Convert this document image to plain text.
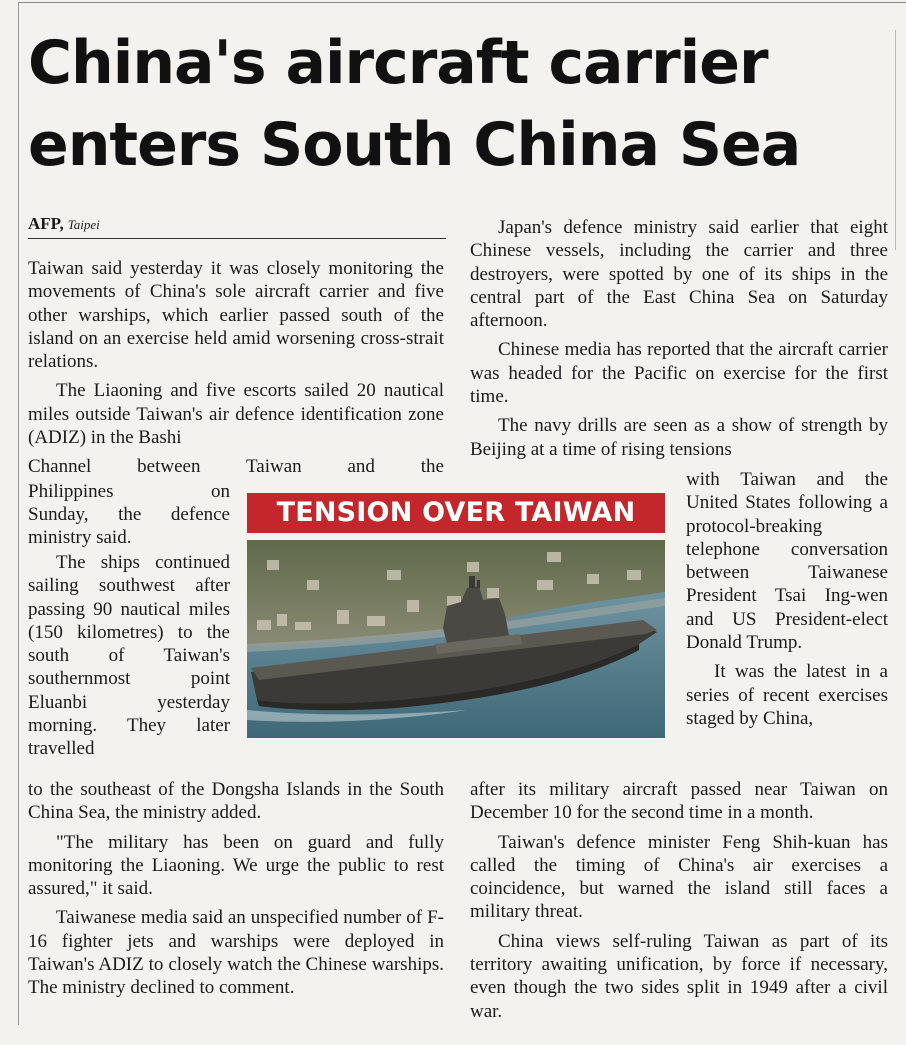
China's aircraft carrier enters South China Sea
AFP, Taipei

Taiwan said yesterday it was closely monitoring the movements of China's sole aircraft carrier and five other warships, which earlier passed south of the island on an exercise held amid worsening cross-strait relations.

The Liaoning and five escorts sailed 20 nautical miles outside Taiwan's air defence identification zone (ADIZ) in the Bashi

Channel between Taiwan and the
Philippines on

Sunday, the defence ministry said.

The ships continued sailing southwest after passing 90 nautical miles (150 kilometres) to the south of Taiwan's southernmost point Eluanbi yesterday morning. They later travelled

to the southeast of the Dongsha Islands in the South China Sea, the ministry added.

"The military has been on guard and fully monitoring the Liaoning. We urge the public to rest assured," it said.

Taiwanese media said an unspecified number of F-16 fighter jets and warships were deployed in Taiwan's ADIZ to closely watch the Chinese warships. The ministry declined to comment.

Japan's defence ministry said earlier that eight Chinese vessels, including the carrier and three destroyers, were spotted by one of its ships in the central part of the East China Sea on Saturday afternoon.

Chinese media has reported that the aircraft carrier was headed for the Pacific on exercise for the first time.

The navy drills are seen as a show of strength by Beijing at a time of rising tensions

with Taiwan and the United States following a protocol-breaking telephone conversation between Taiwanese President Tsai Ing-wen and US President-elect Donald Trump.

It was the latest in a series of recent exercises staged by China,

after its military aircraft passed near Taiwan on December 10 for the second time in a month.

Taiwan's defence minister Feng Shih-kuan has called the timing of China's air exercises a coincidence, but warned the island still faces a military threat.

China views self-ruling Taiwan as part of its territory awaiting unification, by force if necessary, even though the two sides split in 1949 after a civil war.

TENSION OVER TAIWAN
